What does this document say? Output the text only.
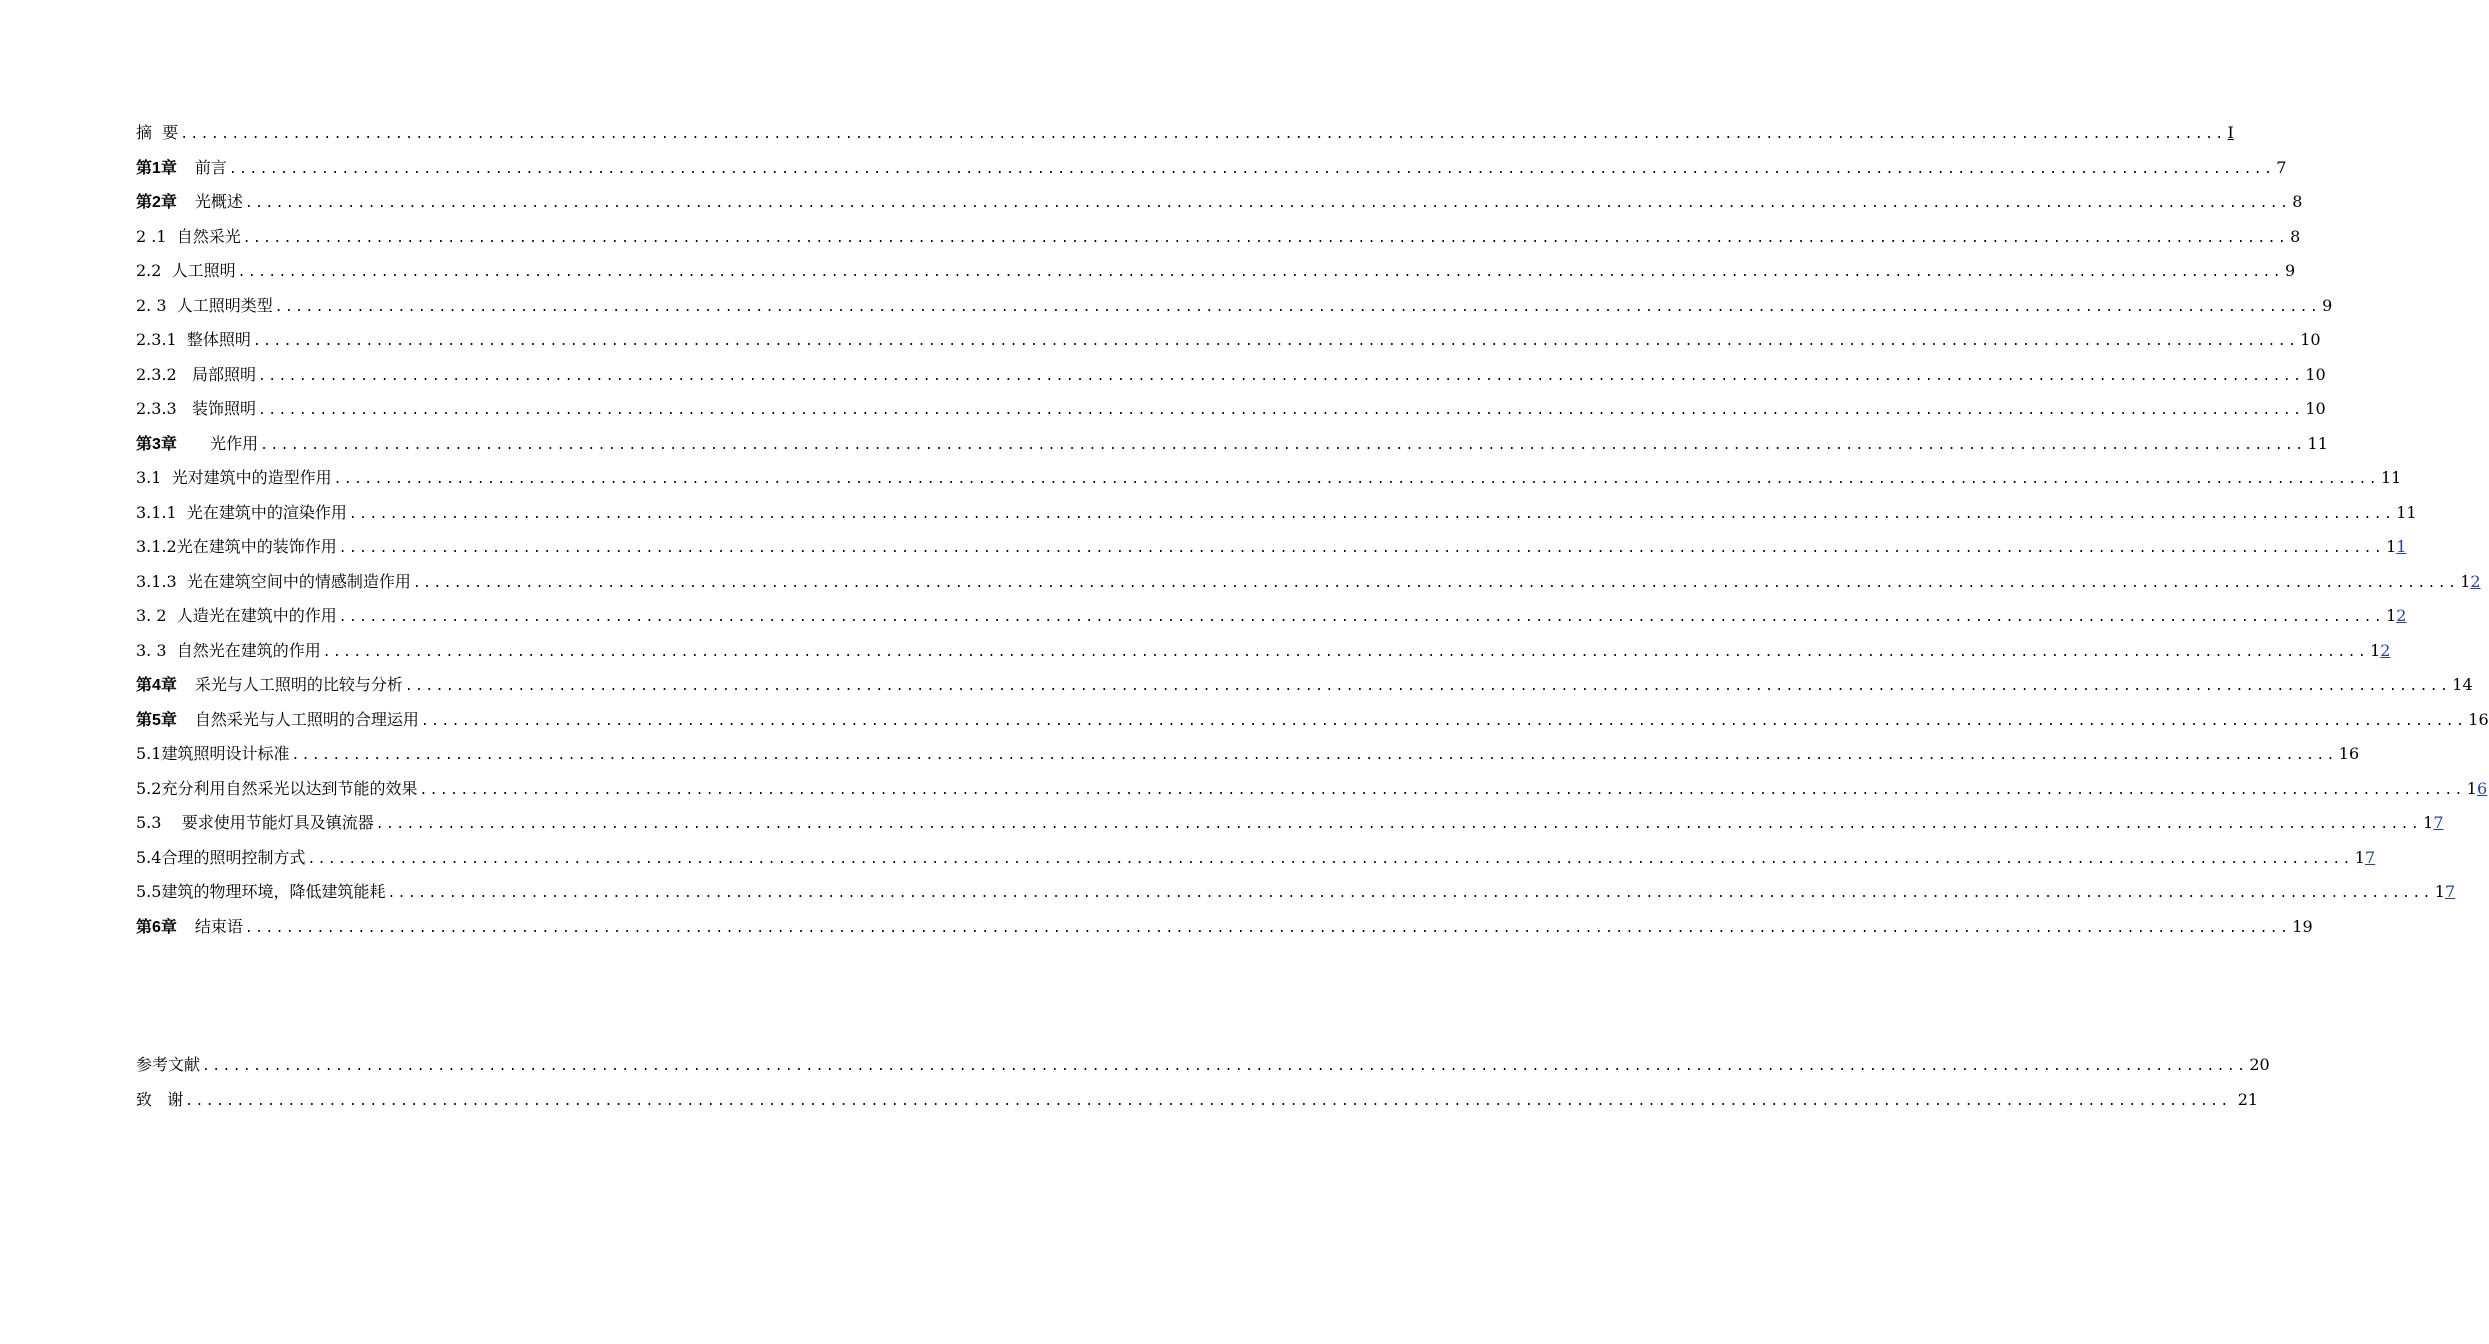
摘  要 ........................................................................................................................................................................................................ I
第1章 前言 ........................................................................................................................................................................................................ 7
第2章 光概述 ........................................................................................................................................................................................................ 8
2 .1  自然采光 ........................................................................................................................................................................................................ 8
2.2  人工照明 ........................................................................................................................................................................................................ 9
2. 3  人工照明类型 ........................................................................................................................................................................................................ 9
2.3.1  整体照明 ........................................................................................................................................................................................................ 10
2.3.2   局部照明 ........................................................................................................................................................................................................ 10
2.3.3   装饰照明 ........................................................................................................................................................................................................ 10
第3章   光作用 ........................................................................................................................................................................................................ 11
3.1  光对建筑中的造型作用 ........................................................................................................................................................................................................ 11
3.1.1  光在建筑中的渲染作用 ........................................................................................................................................................................................................ 11
3.1.2光在建筑中的装饰作用 ........................................................................................................................................................................................................ 11
3.1.3  光在建筑空间中的情感制造作用 ........................................................................................................................................................................................................ 12
3. 2  人造光在建筑中的作用 ........................................................................................................................................................................................................ 12
3. 3  自然光在建筑的作用 ........................................................................................................................................................................................................ 12
第4章 采光与人工照明的比较与分析 ........................................................................................................................................................................................................ 14
第5章 自然采光与人工照明的合理运用 ........................................................................................................................................................................................................ 16
5.1建筑照明设计标准 ........................................................................................................................................................................................................ 16
5.2充分利用自然采光以达到节能的效果 ........................................................................................................................................................................................................ 16
5.3    要求使用节能灯具及镇流器 ........................................................................................................................................................................................................ 17
5.4合理的照明控制方式 ........................................................................................................................................................................................................ 17
5.5建筑的物理环境，降低建筑能耗 ........................................................................................................................................................................................................ 17
第6章 结束语 ........................................................................................................................................................................................................ 19
参考文献 ........................................................................................................................................................................................................ 20
致   谢 ........................................................................................................................................................................................................ 21
